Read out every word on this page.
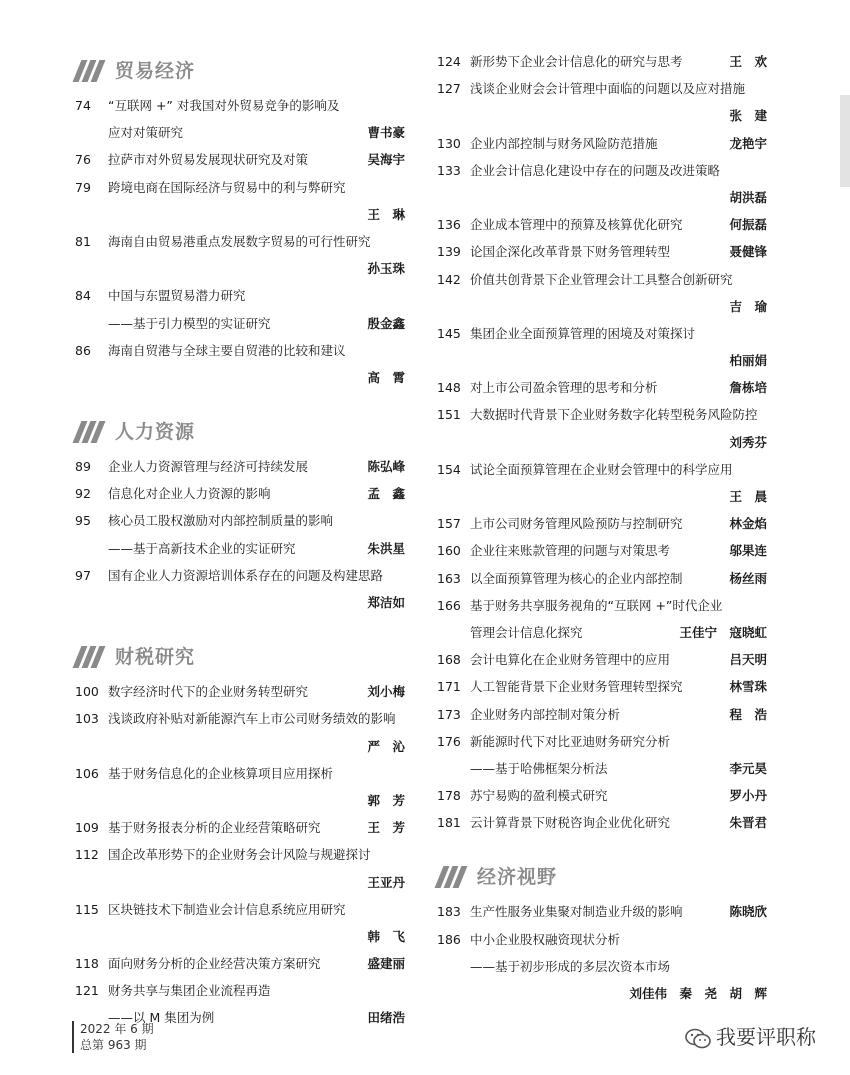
贸易经济
74	“互联网 +” 对我国对外贸易竞争的影响及
应对对策研究	曹书豪
76	拉萨市对外贸易发展现状研究及对策	吴海宇
79	跨境电商在国际经济与贸易中的利与弊研究
王　琳
81	海南自由贸易港重点发展数字贸易的可行性研究
孙玉珠
84	中国与东盟贸易潜力研究
——基于引力模型的实证研究	殷金鑫
86	海南自贸港与全球主要自贸港的比较和建议
高　霄
人力资源
89	企业人力资源管理与经济可持续发展	陈弘峰
92	信息化对企业人力资源的影响	孟　鑫
95	核心员工股权激励对内部控制质量的影响
——基于高新技术企业的实证研究	朱洪星
97	国有企业人力资源培训体系存在的问题及构建思路
郑洁如
财税研究
100 数字经济时代下的企业财务转型研究	刘小梅
103 浅谈政府补贴对新能源汽车上市公司财务绩效的影响
严　沁
106 基于财务信息化的企业核算项目应用探析
郭　芳
109 基于财务报表分析的企业经营策略研究	王　芳
112 国企改革形势下的企业财务会计风险与规避探讨
王亚丹
115 区块链技术下制造业会计信息系统应用研究
韩　飞
118 面向财务分析的企业经营决策方案研究	盛建丽
121 财务共享与集团企业流程再造
——以 M 集团为例	田绪浩
124 新形势下企业会计信息化的研究与思考	王　欢
127 浅谈企业财会会计管理中面临的问题以及应对措施
张　建
130 企业内部控制与财务风险防范措施	龙艳宇
133 企业会计信息化建设中存在的问题及改进策略
胡洪磊
136 企业成本管理中的预算及核算优化研究	何振磊
139 论国企深化改革背景下财务管理转型	聂健锋
142 价值共创背景下企业管理会计工具整合创新研究
吉　瑜
145 集团企业全面预算管理的困境及对策探讨
柏丽娟
148 对上市公司盈余管理的思考和分析	詹栋培
151 大数据时代背景下企业财务数字化转型税务风险防控
刘秀芬
154 试论全面预算管理在企业财会管理中的科学应用
王　晨
157 上市公司财务管理风险预防与控制研究	林金焰
160 企业往来账款管理的问题与对策思考	邬果连
163 以全面预算管理为核心的企业内部控制	杨丝雨
166 基于财务共享服务视角的“互联网 +”时代企业
管理会计信息化探究	王佳宁　寇晓虹
168 会计电算化在企业财务管理中的应用	吕天明
171 人工智能背景下企业财务管理转型探究	林雪珠
173 企业财务内部控制对策分析	程　浩
176 新能源时代下对比亚迪财务研究分析
——基于哈佛框架分析法	李元昊
178 苏宁易购的盈利模式研究	罗小丹
181 云计算背景下财税咨询企业优化研究	朱晋君
经济视野
183 生产性服务业集聚对制造业升级的影响	陈晓欣
186 中小企业股权融资现状分析
——基于初步形成的多层次资本市场
刘佳伟　秦　尧　胡　辉
2022 年 6 期
总第 963 期	我要评职称
